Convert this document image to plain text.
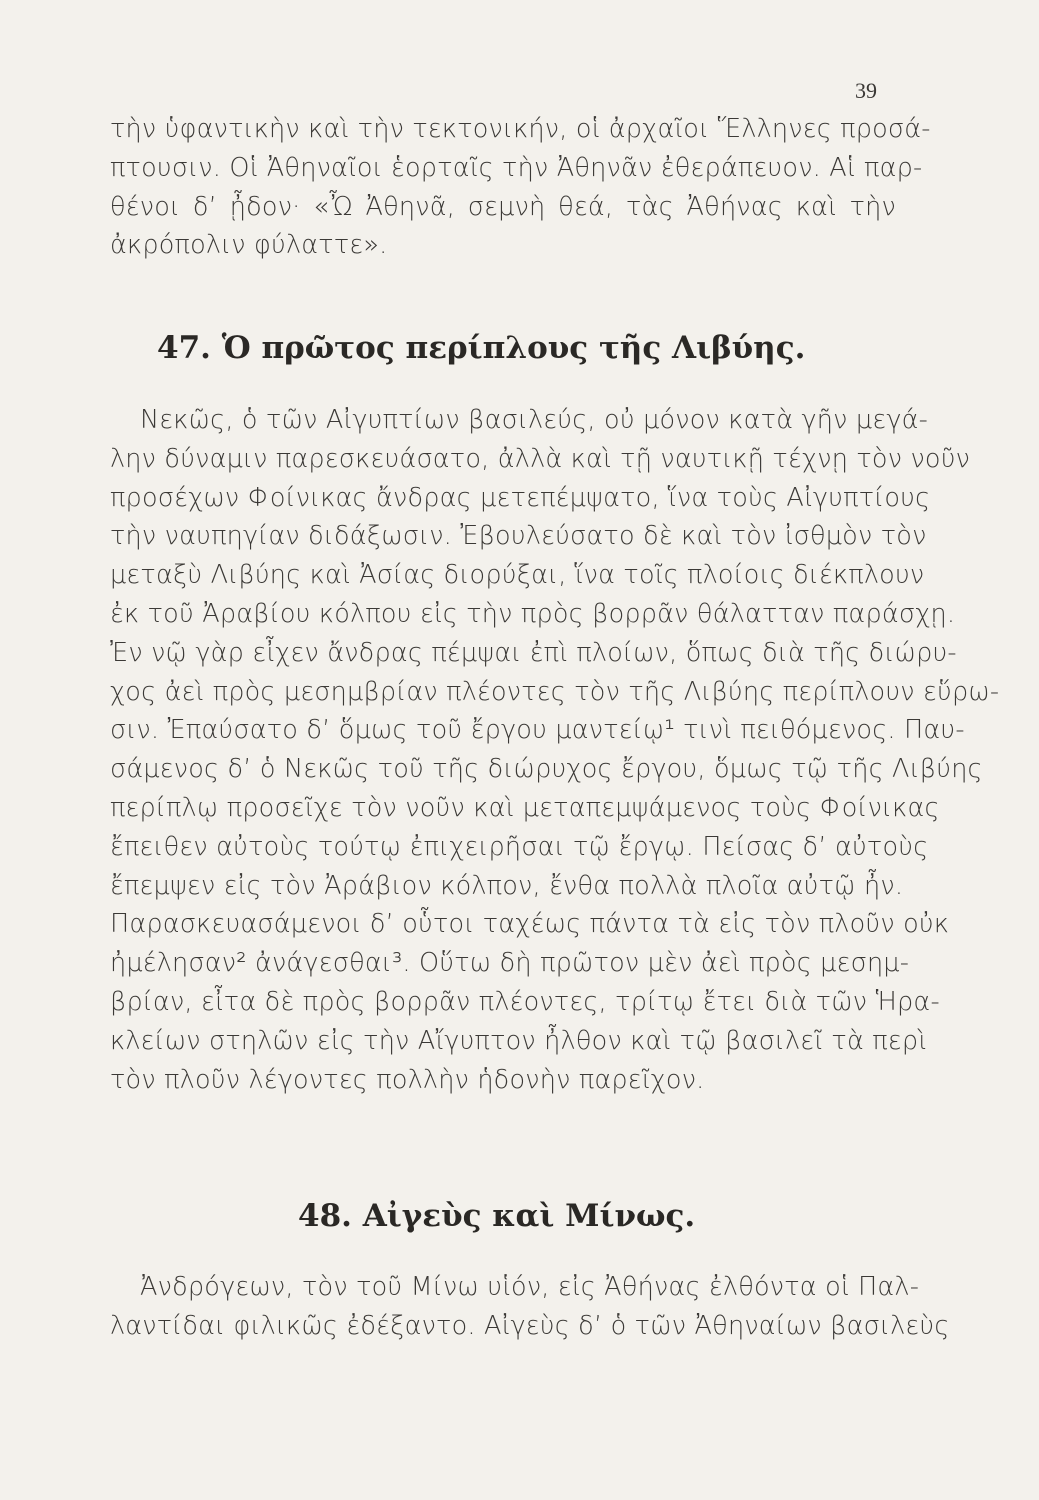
39
τὴν ὑφαντικὴν καὶ τὴν τεκτονικήν, οἱ ἀρχαῖοι Ἕλληνες προσά-
πτουσιν. Οἱ Ἀθηναῖοι ἑορταῖς τὴν Ἀθηνᾶν ἐθεράπευον. Αἱ παρ-
θένοι δ’ ᾖδον· «Ὦ Ἀθηνᾶ, σεμνὴ θεά, τὰς Ἀθήνας καὶ τὴν
ἀκρόπολιν φύλαττε».
47. Ὁ πρῶτος περίπλους τῆς Λιβύης.
Νεκῶς, ὁ τῶν Αἰγυπτίων βασιλεύς, οὐ μόνον κατὰ γῆν μεγά-
λην δύναμιν παρεσκευάσατο, ἀλλὰ καὶ τῇ ναυτικῇ τέχνῃ τὸν νοῦν
προσέχων Φοίνικας ἄνδρας μετεπέμψατο, ἵνα τοὺς Αἰγυπτίους
τὴν ναυπηγίαν διδάξωσιν. Ἐβουλεύσατο δὲ καὶ τὸν ἰσθμὸν τὸν
μεταξὺ Λιβύης καὶ Ἀσίας διορύξαι, ἵνα τοῖς πλοίοις διέκπλουν
ἐκ τοῦ Ἀραβίου κόλπου εἰς τὴν πρὸς βορρᾶν θάλατταν παράσχῃ.
Ἐν νῷ γὰρ εἶχεν ἄνδρας πέμψαι ἐπὶ πλοίων, ὅπως διὰ τῆς διώρυ-
χος ἀεὶ πρὸς μεσημβρίαν πλέοντες τὸν τῆς Λιβύης περίπλουν εὕρω-
σιν. Ἐπαύσατο δ’ ὅμως τοῦ ἔργου μαντείῳ¹ τινὶ πειθόμενος. Παυ-
σάμενος δ’ ὁ Νεκῶς τοῦ τῆς διώρυχος ἔργου, ὅμως τῷ τῆς Λιβύης
περίπλῳ προσεῖχε τὸν νοῦν καὶ μεταπεμψάμενος τοὺς Φοίνικας
ἔπειθεν αὐτοὺς τούτῳ ἐπιχειρῆσαι τῷ ἔργῳ. Πείσας δ’ αὐτοὺς
ἔπεμψεν εἰς τὸν Ἀράβιον κόλπον, ἔνθα πολλὰ πλοῖα αὐτῷ ἦν.
Παρασκευασάμενοι δ’ οὗτοι ταχέως πάντα τὰ εἰς τὸν πλοῦν οὐκ
ἠμέλησαν² ἀνάγεσθαι³. Οὕτω δὴ πρῶτον μὲν ἀεὶ πρὸς μεσημ-
βρίαν, εἶτα δὲ πρὸς βορρᾶν πλέοντες, τρίτῳ ἔτει διὰ τῶν Ἡρα-
κλείων στηλῶν εἰς τὴν Αἴγυπτον ἦλθον καὶ τῷ βασιλεῖ τὰ περὶ
τὸν πλοῦν λέγοντες πολλὴν ἡδονὴν παρεῖχον.
48. Αἰγεὺς καὶ Μίνως.
Ἀνδρόγεων, τὸν τοῦ Μίνω υἱόν, εἰς Ἀθήνας ἐλθόντα οἱ Παλ-
λαντίδαι φιλικῶς ἐδέξαντο. Αἰγεὺς δ’ ὁ τῶν Ἀθηναίων βασιλεὺς
